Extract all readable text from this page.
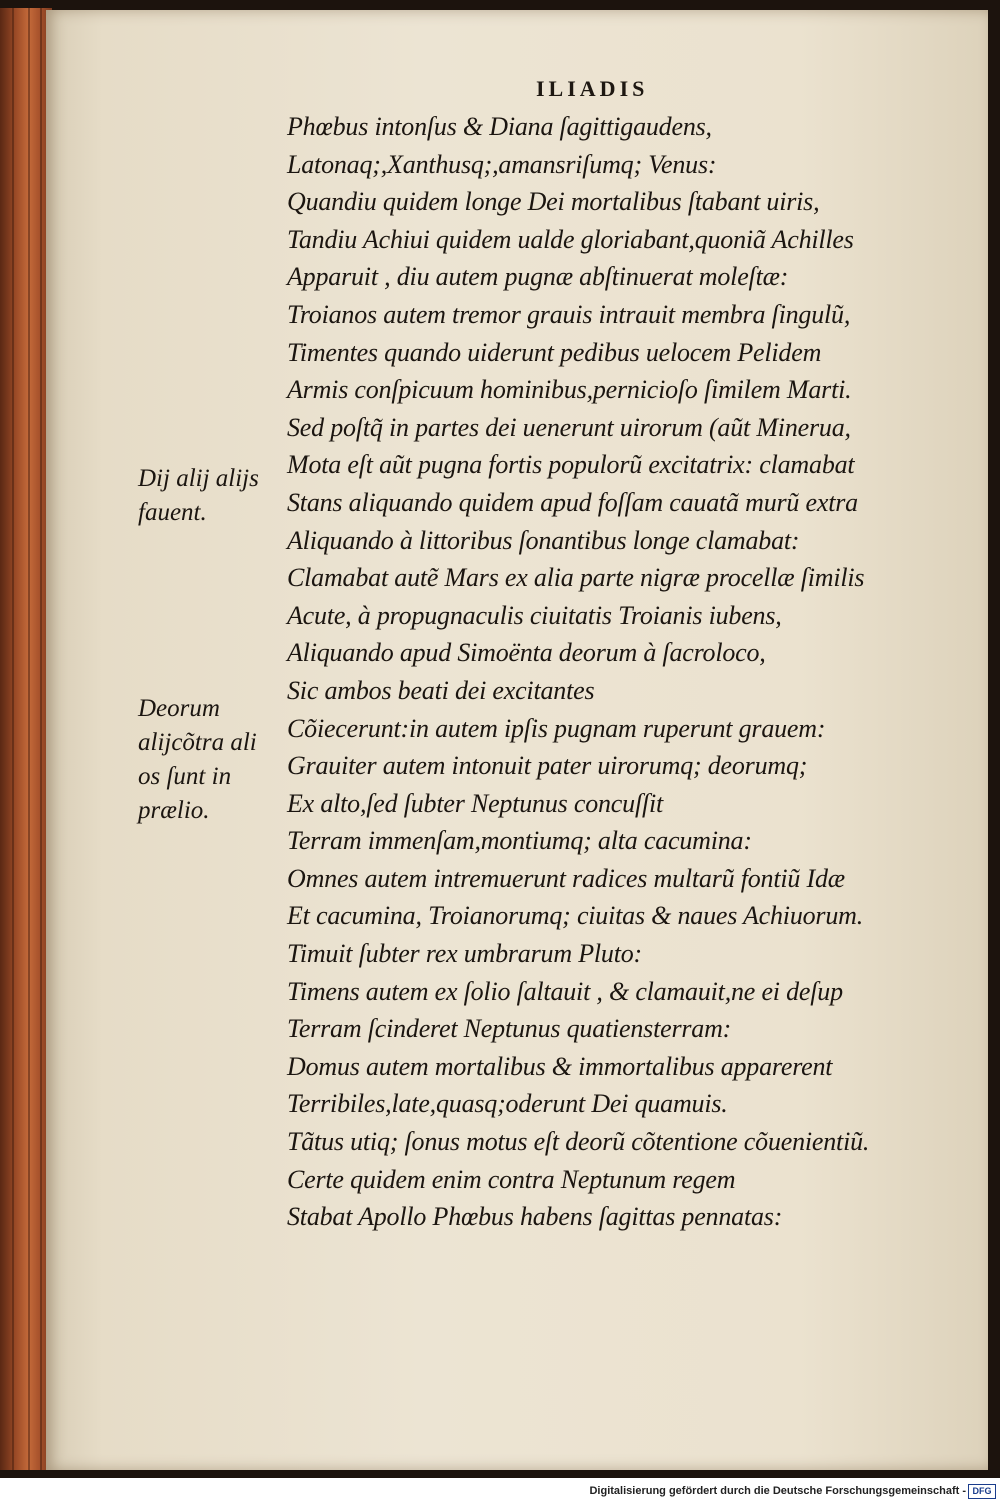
ILIADIS
Phœbus intonſus & Diana ſagittigaudens,
Latonaq;,Xanthusq;,amansriſumq; Venus:
Quandiu quidem longe Dei mortalibus ſtabant uiris,
Tandiu Achiui quidem ualde gloriabant,quoniã Achilles
Apparuit , diu autem pugnæ abſtinuerat moleſtæ:
Troianos autem tremor grauis intrauit membra ſingulũ,
Timentes quando uiderunt pedibus uelocem Pelidem
Armis conſpicuum hominibus,pernicioſo ſimilem Marti.
Sed poſtq̃ in partes dei uenerunt uirorum (aũt Minerua,
Mota eſt aũt pugna fortis populorũ excitatrix: clamabat
Stans aliquando quidem apud foſſam cauatã murũ extra
Aliquando à littoribus ſonantibus longe clamabat:
Clamabat autẽ Mars ex alia parte nigræ procellæ ſimilis
Acute, à propugnaculis ciuitatis Troianis iubens,
Aliquando apud Simoënta deorum à ſacroloco,
Sic ambos beati dei excitantes
Cõiecerunt:in autem ipſis pugnam ruperunt grauem:
Grauiter autem intonuit pater uirorumq; deorumq;
Ex alto,ſed ſubter Neptunus concuſſit
Terram immenſam,montiumq; alta cacumina:
Omnes autem intremuerunt radices multarũ fontiũ Idæ
Et cacumina, Troianorumq; ciuitas & naues Achiuorum.
Timuit ſubter rex umbrarum Pluto:
Timens autem ex ſolio ſaltauit , & clamauit,ne ei deſup
Terram ſcinderet Neptunus quatiensterram:
Domus autem mortalibus & immortalibus apparerent
Terribiles,late,quasq;oderunt Dei quamuis.
Tãtus utiq; ſonus motus eſt deorũ cõtentione cõuenientiũ.
Certe quidem enim contra Neptunum regem
Stabat Apollo Phœbus habens ſagittas pennatas:
Dij alij alijs
fauent.
Deorum
alijcõtra ali
os ſunt in
prælio.
Digitalisierung gefördert durch die Deutsche Forschungsgemeinschaft - DFG
